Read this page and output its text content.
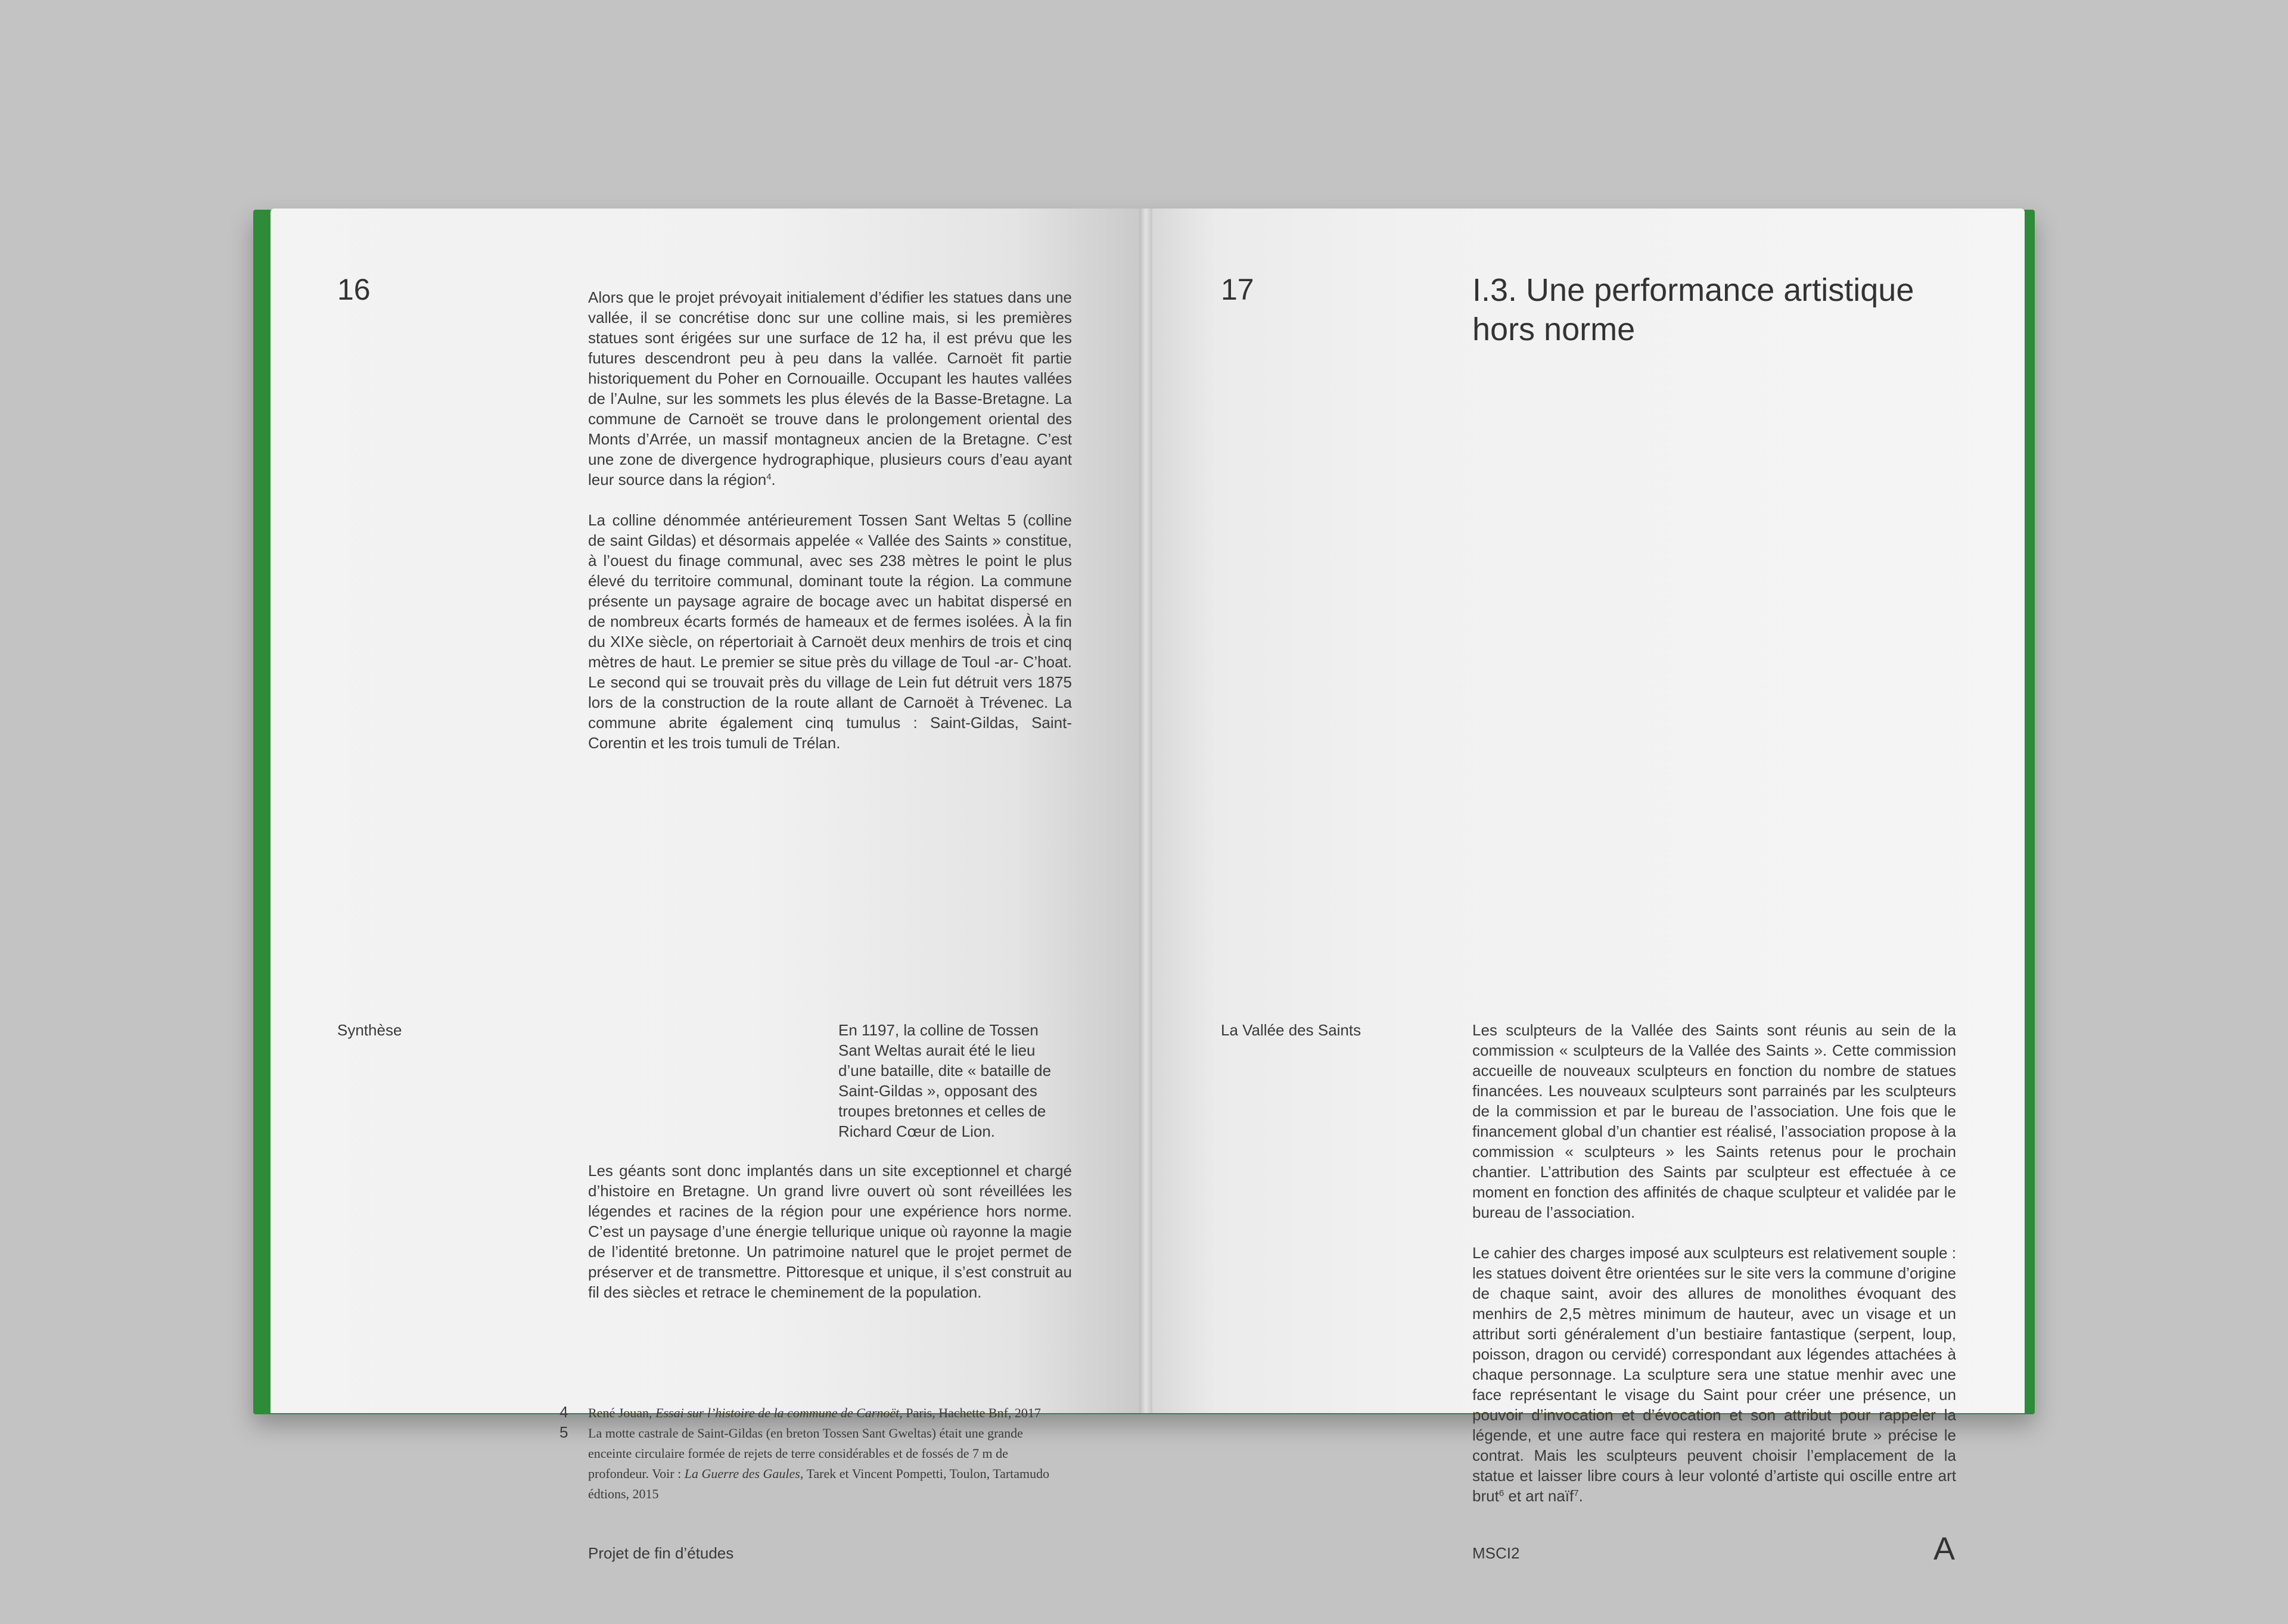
16	Alors que le projet prévoyait initialement d’édifier les statues dans une vallée, il se concrétise donc sur une colline mais, si les premières statues sont érigées sur une surface de 12 ha, il est prévu que les futures descendront peu à peu dans la vallée. Carnoët fit partie historiquement du Poher en Cornouaille. Occupant les hautes vallées de l’Aulne, sur les sommets les plus élevés de la Basse-Bretagne. La commune de Carnoët se trouve dans le prolongement oriental des Monts d’Arrée, un massif montagneux ancien de la Bretagne. C’est une zone de divergence hydrographique, plusieurs cours d’eau ayant leur source dans la région$^4$.

La colline dénommée antérieurement Tossen Sant Weltas 5 (colline de saint Gildas) et désormais appelée « Vallée des Saints » constitue, à l’ouest du finage communal, avec ses 238 mètres le point le plus élevé du territoire communal, dominant toute la région. La commune présente un paysage agraire de bocage avec un habitat dispersé en de nombreux écarts formés de hameaux et de fermes isolées. À la fin du XIXe siècle, on répertoriait à Carnoët deux menhirs de trois et cinq mètres de haut. Le premier se situe près du village de Toul -ar- C’hoat. Le second qui se trouvait près du village de Lein fut détruit vers 1875 lors de la construction de la route allant de Carnoët à Trévenec. La commune abrite également cinq tumulus : Saint-Gildas, Saint-Corentin et les trois tumuli de Trélan.

Synthèse	En 1197, la colline de Tossen Sant Weltas aurait été le lieu d’une bataille, dite « bataille de Saint-Gildas », opposant des troupes bretonnes et celles de Richard Cœur de Lion.
Les géants sont donc implantés dans un site exceptionnel et chargé d’histoire en Bretagne. Un grand livre ouvert où sont réveillées les légendes et racines de la région pour une expérience hors norme. C’est un paysage d’une énergie tellurique unique où rayonne la magie de l’identité bretonne. Un patrimoine naturel que le projet permet de préserver et de transmettre. Pittoresque et unique, il s’est construit au fil des siècles et retrace le cheminement de la population.
4 René Jouan, Essai sur l’histoire de la commune de Carnoët, Paris, Hachette Bnf, 2017
5 La motte castrale de Saint-Gildas (en breton Tossen Sant Gweltas) était une grande enceinte circulaire formée de rejets de terre considérables et de fossés de 7 m de profondeur. Voir : La Guerre des Gaules, Tarek et Vincent Pompetti, Toulon, Tartamudo édtions, 2015
Projet de fin d’études
17	I.3. Une performance artistique
hors norme
La Vallée des Saints	Les sculpteurs de la Vallée des Saints sont réunis au sein de la commission « sculpteurs de la Vallée des Saints ». Cette commission accueille de nouveaux sculpteurs en fonction du nombre de statues financées. Les nouveaux sculpteurs sont parrainés par les sculpteurs de la commission et par le bureau de l’association. Une fois que le financement global d’un chantier est réalisé, l’association propose à la commission « sculpteurs » les Saints retenus pour le prochain chantier. L’attribution des Saints par sculpteur est effectuée à ce moment en fonction des affinités de chaque sculpteur et validée par le bureau de l’association.

Le cahier des charges imposé aux sculpteurs est relativement souple : les statues doivent être orientées sur le site vers la commune d’origine de chaque saint, avoir des allures de monolithes évoquant des menhirs de 2,5 mètres minimum de hauteur, avec un visage et un attribut sorti généralement d’un bestiaire fantastique (serpent, loup, poisson, dragon ou cervidé) correspondant aux légendes attachées à chaque personnage. La sculpture sera une statue menhir avec une face représentant le visage du Saint pour créer une présence, un pouvoir d’invocation et d’évocation et son attribut pour rappeler la légende, et une autre face qui restera en majorité brute » précise le contrat. Mais les sculpteurs peuvent choisir l’emplacement de la statue et laisser libre cours à leur volonté d’artiste qui oscille entre art brut$^6$ et art naïf$^7$.

MSCI2	A
